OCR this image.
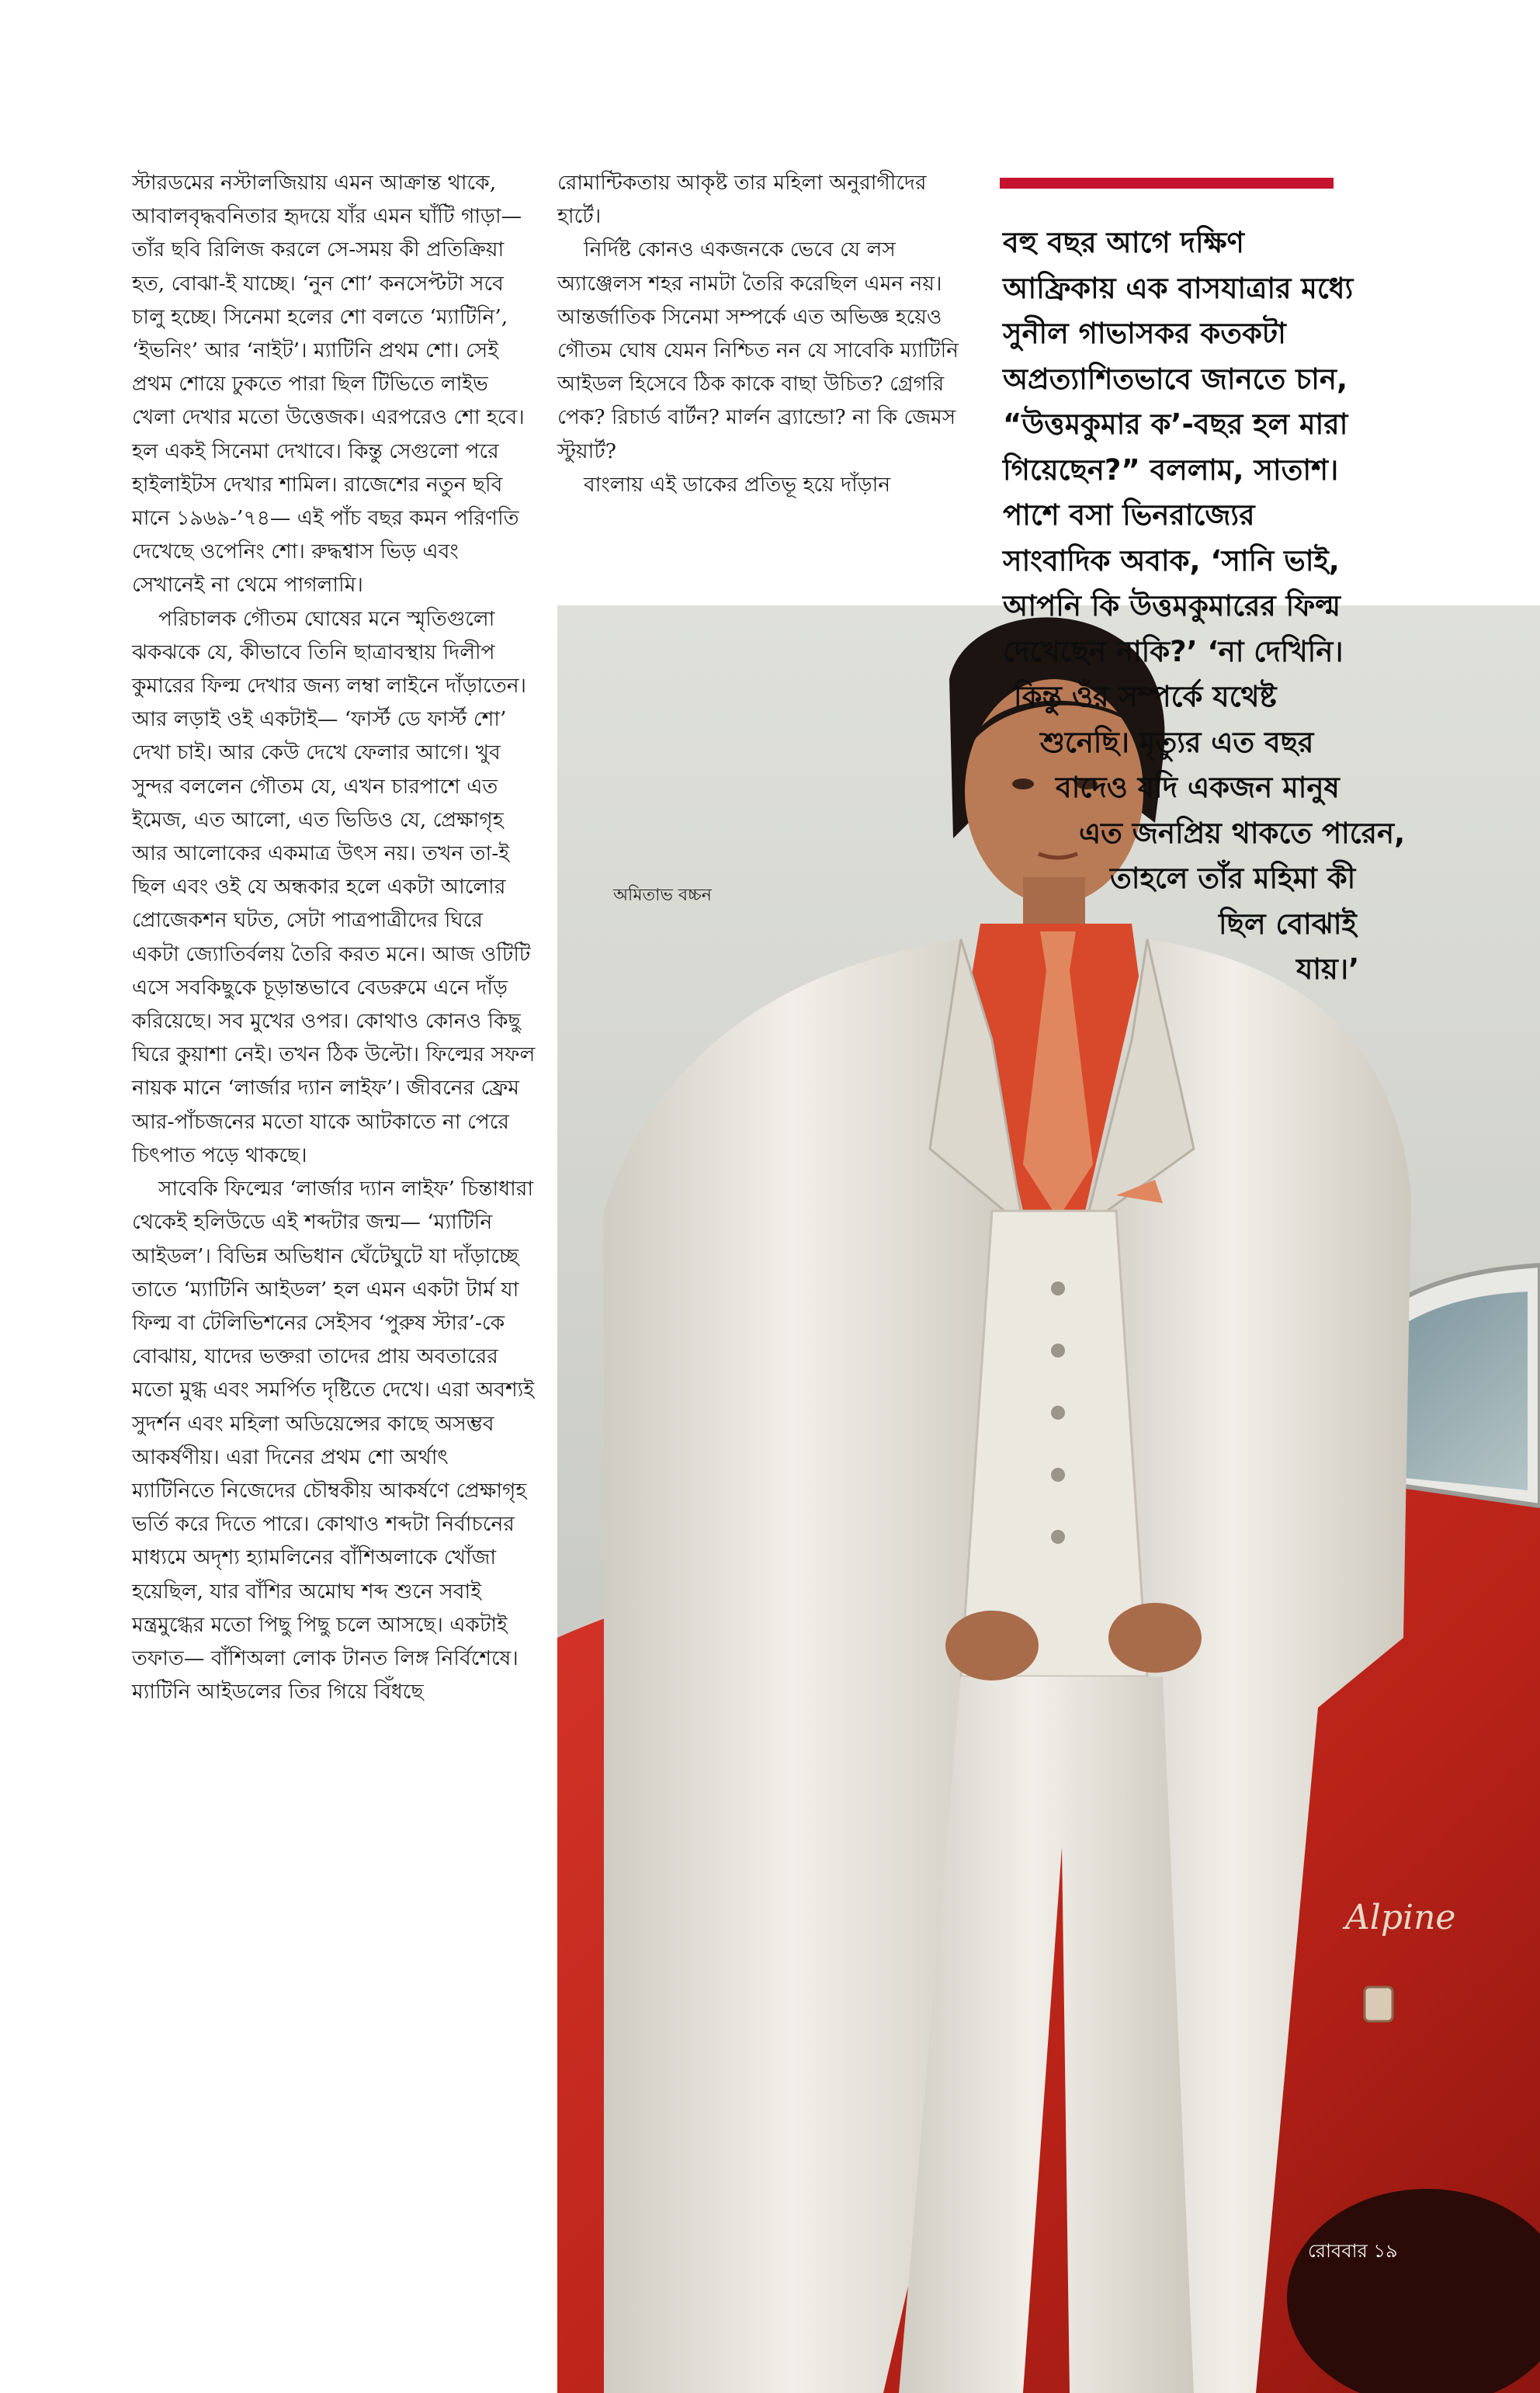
স্টারডমের নস্টালজিয়ায় এমন আক্রান্ত থাকে, আবালবৃদ্ধবনিতার হৃদয়ে যাঁর এমন ঘাঁটি গাড়া— তাঁর ছবি রিলিজ করলে সে-সময় কী প্রতিক্রিয়া হত, বোঝা-ই যাচ্ছে। ‘নুন শো’ কনসেপ্টটা সবে চালু হচ্ছে। সিনেমা হলের শো বলতে ‘ম্যাটিনি’, ‘ইভনিং’ আর ‘নাইট’। ম্যাটিনি প্রথম শো। সেই প্রথম শোয়ে ঢুকতে পারা ছিল টিভিতে লাইভ খেলা দেখার মতো উত্তেজক। এরপরেও শো হবে। হল একই সিনেমা দেখাবে। কিন্তু সেগুলো পরে হাইলাইটস দেখার শামিল। রাজেশের নতুন ছবি মানে ১৯৬৯-’৭৪— এই পাঁচ বছর কমন পরিণতি দেখেছে ওপেনিং শো। রুদ্ধশ্বাস ভিড় এবং সেখানেই না থেমে পাগলামি।

পরিচালক গৌতম ঘোষের মনে স্মৃতিগুলো ঝকঝকে যে, কীভাবে তিনি ছাত্রাবস্থায় দিলীপ কুমারের ফিল্ম দেখার জন্য লম্বা লাইনে দাঁড়াতেন। আর লড়াই ওই একটাই— ‘ফার্স্ট ডে ফার্স্ট শো’ দেখা চাই। আর কেউ দেখে ফেলার আগে। খুব সুন্দর বললেন গৌতম যে, এখন চারপাশে এত ইমেজ, এত আলো, এত ভিডিও যে, প্রেক্ষাগৃহ আর আলোকের একমাত্র উৎস নয়। তখন তা-ই ছিল এবং ওই যে অন্ধকার হলে একটা আলোর প্রোজেকশন ঘটত, সেটা পাত্রপাত্রীদের ঘিরে একটা জ্যোতির্বলয় তৈরি করত মনে। আজ ওটিটি এসে সবকিছুকে চূড়ান্তভাবে বেডরুমে এনে দাঁড় করিয়েছে। সব মুখের ওপর। কোথাও কোনও কিছু ঘিরে কুয়াশা নেই। তখন ঠিক উল্টো। ফিল্মের সফল নায়ক মানে ‘লার্জার দ্যান লাইফ’। জীবনের ফ্রেম আর-পাঁচজনের মতো যাকে আটকাতে না পেরে চিৎপাত পড়ে থাকছে।

সাবেকি ফিল্মের ‘লার্জার দ্যান লাইফ’ চিন্তাধারা থেকেই হলিউডে এই শব্দটার জন্ম— ‘ম্যাটিনি আইডল’। বিভিন্ন অভিধান ঘেঁটেঘুটে যা দাঁড়াচ্ছে তাতে ‘ম্যাটিনি আইডল’ হল এমন একটা টার্ম যা ফিল্ম বা টেলিভিশনের সেইসব ‘পুরুষ স্টার’-কে বোঝায়, যাদের ভক্তরা তাদের প্রায় অবতারের মতো মুগ্ধ এবং সমর্পিত দৃষ্টিতে দেখে। এরা অবশ্যই সুদর্শন এবং মহিলা অডিয়েন্সের কাছে অসম্ভব আকর্ষণীয়। এরা দিনের প্রথম শো অর্থাৎ ম্যাটিনিতে নিজেদের চৌম্বকীয় আকর্ষণে প্রেক্ষাগৃহ ভর্তি করে দিতে পারে। কোথাও শব্দটা নির্বাচনের মাধ্যমে অদৃশ্য হ্যামলিনের বাঁশিঅলাকে খোঁজা হয়েছিল, যার বাঁশির অমোঘ শব্দ শুনে সবাই মন্ত্রমুগ্ধের মতো পিছু পিছু চলে আসছে। একটাই তফাত— বাঁশিঅলা লোক টানত লিঙ্গ নির্বিশেষে। ম্যাটিনি আইডলের তির গিয়ে বিঁধছে

Alpine
অমিতাভ বচ্চন
রোববার ১৯

রোমান্টিকতায় আকৃষ্ট তার মহিলা অনুরাগীদের হার্টে।

নির্দিষ্ট কোনও একজনকে ভেবে যে লস অ্যাঞ্জেলস শহর নামটা তৈরি করেছিল এমন নয়। আন্তর্জাতিক সিনেমা সম্পর্কে এত অভিজ্ঞ হয়েও গৌতম ঘোষ যেমন নিশ্চিত নন যে সাবেকি ম্যাটিনি আইডল হিসেবে ঠিক কাকে বাছা উচিত? গ্রেগরি পেক? রিচার্ড বার্টন? মার্লন ব্র্যান্ডো? না কি জেমস স্টুয়ার্ট?

বাংলায় এই ডাকের প্রতিভূ হয়ে দাঁড়ান

বহু বছর আগে দক্ষিণ
আফ্রিকায় এক বাসযাত্রার মধ্যে
সুনীল গাভাসকর কতকটা
অপ্রত্যাশিতভাবে জানতে চান,
“উত্তমকুমার ক’-বছর হল মারা
গিয়েছেন?” বললাম, সাতাশ।
পাশে বসা ভিনরাজ্যের
সাংবাদিক অবাক, ‘সানি ভাই,
আপনি কি উত্তমকুমারের ফিল্ম
দেখেছেন নাকি?’ ‘না দেখিনি।
কিন্তু ওঁর সম্পর্কে যথেষ্ট
শুনেছি। মৃত্যুর এত বছর
বাদেও যদি একজন মানুষ
এত জনপ্রিয় থাকতে পারেন,
তাহলে তাঁর মহিমা কী
ছিল বোঝাই
যায়।’
